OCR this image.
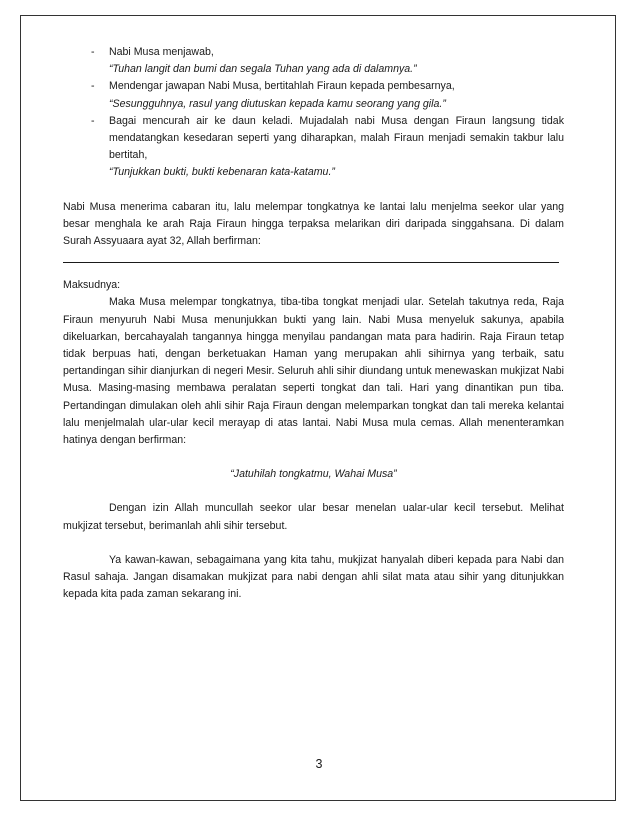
- Nabi Musa menjawab,
“Tuhan langit dan bumi dan segala Tuhan yang ada di dalamnya.”
- Mendengar jawapan Nabi Musa, bertitahlah Firaun kepada pembesarnya,
“Sesungguhnya, rasul yang diutuskan kepada kamu seorang yang gila.”
- Bagai mencurah air ke daun keladi. Mujadalah nabi Musa dengan Firaun langsung tidak mendatangkan kesedaran seperti yang diharapkan, malah Firaun menjadi semakin takbur lalu bertitah,
“Tunjukkan bukti, bukti kebenaran kata-katamu.”

Nabi Musa menerima cabaran itu, lalu melempar tongkatnya ke lantai lalu menjelma seekor ular yang besar menghala ke arah Raja Firaun hingga terpaksa melarikan diri daripada singgahsana. Di dalam Surah Assyuaara ayat 32, Allah berfirman:

Maksudnya:

Maka Musa melempar tongkatnya, tiba-tiba tongkat menjadi ular. Setelah takutnya reda, Raja Firaun menyuruh Nabi Musa menunjukkan bukti yang lain. Nabi Musa menyeluk sakunya, apabila dikeluarkan, bercahayalah tangannya hingga menyilau pandangan mata para hadirin. Raja Firaun tetap tidak berpuas hati, dengan berketuakan Haman yang merupakan ahli sihirnya yang terbaik, satu pertandingan sihir dianjurkan di negeri Mesir. Seluruh ahli sihir diundang untuk menewaskan mukjizat Nabi Musa. Masing-masing membawa peralatan seperti tongkat dan tali. Hari yang dinantikan pun tiba. Pertandingan dimulakan oleh ahli sihir Raja Firaun dengan melemparkan tongkat dan tali mereka kelantai lalu menjelmalah ular-ular kecil merayap di atas lantai. Nabi Musa mula cemas. Allah menenteramkan hatinya dengan berfirman:

“Jatuhilah tongkatmu, Wahai Musa”

Dengan izin Allah muncullah seekor ular besar menelan ualar-ular kecil tersebut. Melihat mukjizat tersebut, berimanlah ahli sihir tersebut.

Ya kawan-kawan, sebagaimana yang kita tahu, mukjizat hanyalah diberi kepada para Nabi dan Rasul sahaja. Jangan disamakan mukjizat para nabi dengan ahli silat mata atau sihir yang ditunjukkan kepada kita pada zaman sekarang ini.

3
